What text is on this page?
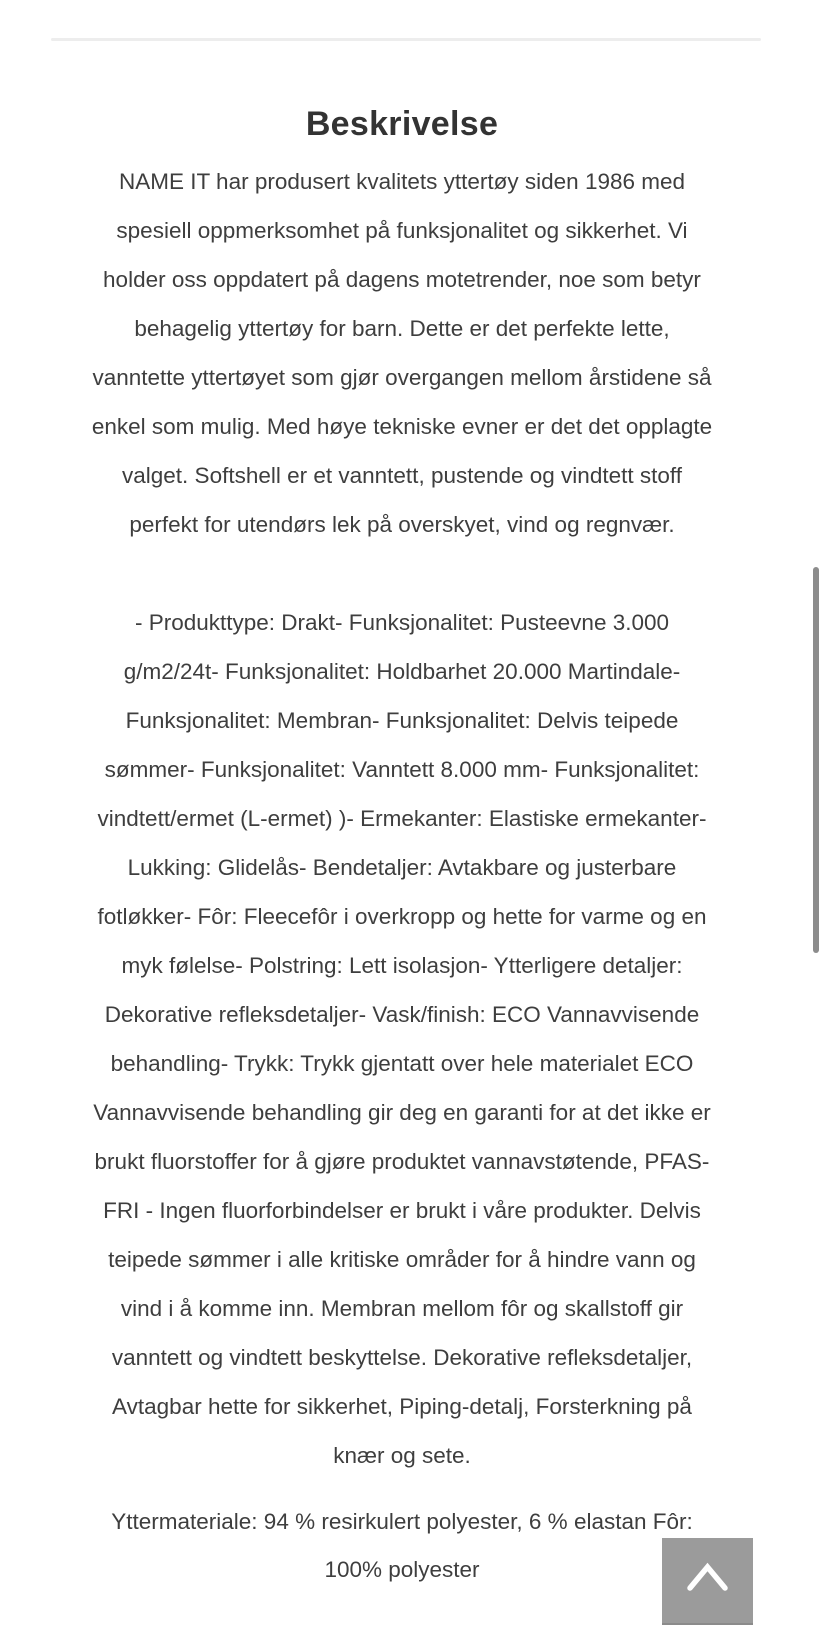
Beskrivelse
NAME IT har produsert kvalitets yttertøy siden 1986 med
spesiell oppmerksomhet på funksjonalitet og sikkerhet. Vi
holder oss oppdatert på dagens motetrender, noe som betyr
behagelig yttertøy for barn. Dette er det perfekte lette,
vanntette yttertøyet som gjør overgangen mellom årstidene så
enkel som mulig. Med høye tekniske evner er det det opplagte
valget. Softshell er et vanntett, pustende og vindtett stoff
perfekt for utendørs lek på overskyet, vind og regnvær.
- Produkttype: Drakt- Funksjonalitet: Pusteevne 3.000
g/m2/24t- Funksjonalitet: Holdbarhet 20.000 Martindale-
Funksjonalitet: Membran- Funksjonalitet: Delvis teipede
sømmer- Funksjonalitet: Vanntett 8.000 mm- Funksjonalitet:
vindtett/ermet (L-ermet) )- Ermekanter: Elastiske ermekanter-
Lukking: Glidelås- Bendetaljer: Avtakbare og justerbare
fotløkker- Fôr: Fleecefôr i overkropp og hette for varme og en
myk følelse- Polstring: Lett isolasjon- Ytterligere detaljer:
Dekorative refleksdetaljer- Vask/finish: ECO Vannavvisende
behandling- Trykk: Trykk gjentatt over hele materialet ECO
Vannavvisende behandling gir deg en garanti for at det ikke er
brukt fluorstoffer for å gjøre produktet vannavstøtende, PFAS-
FRI - Ingen fluorforbindelser er brukt i våre produkter. Delvis
teipede sømmer i alle kritiske områder for å hindre vann og
vind i å komme inn. Membran mellom fôr og skallstoff gir
vanntett og vindtett beskyttelse. Dekorative refleksdetaljer,
Avtagbar hette for sikkerhet, Piping-detalj, Forsterkning på
knær og sete.
Yttermateriale: 94 % resirkulert polyester, 6 % elastan Fôr:
100% polyester
